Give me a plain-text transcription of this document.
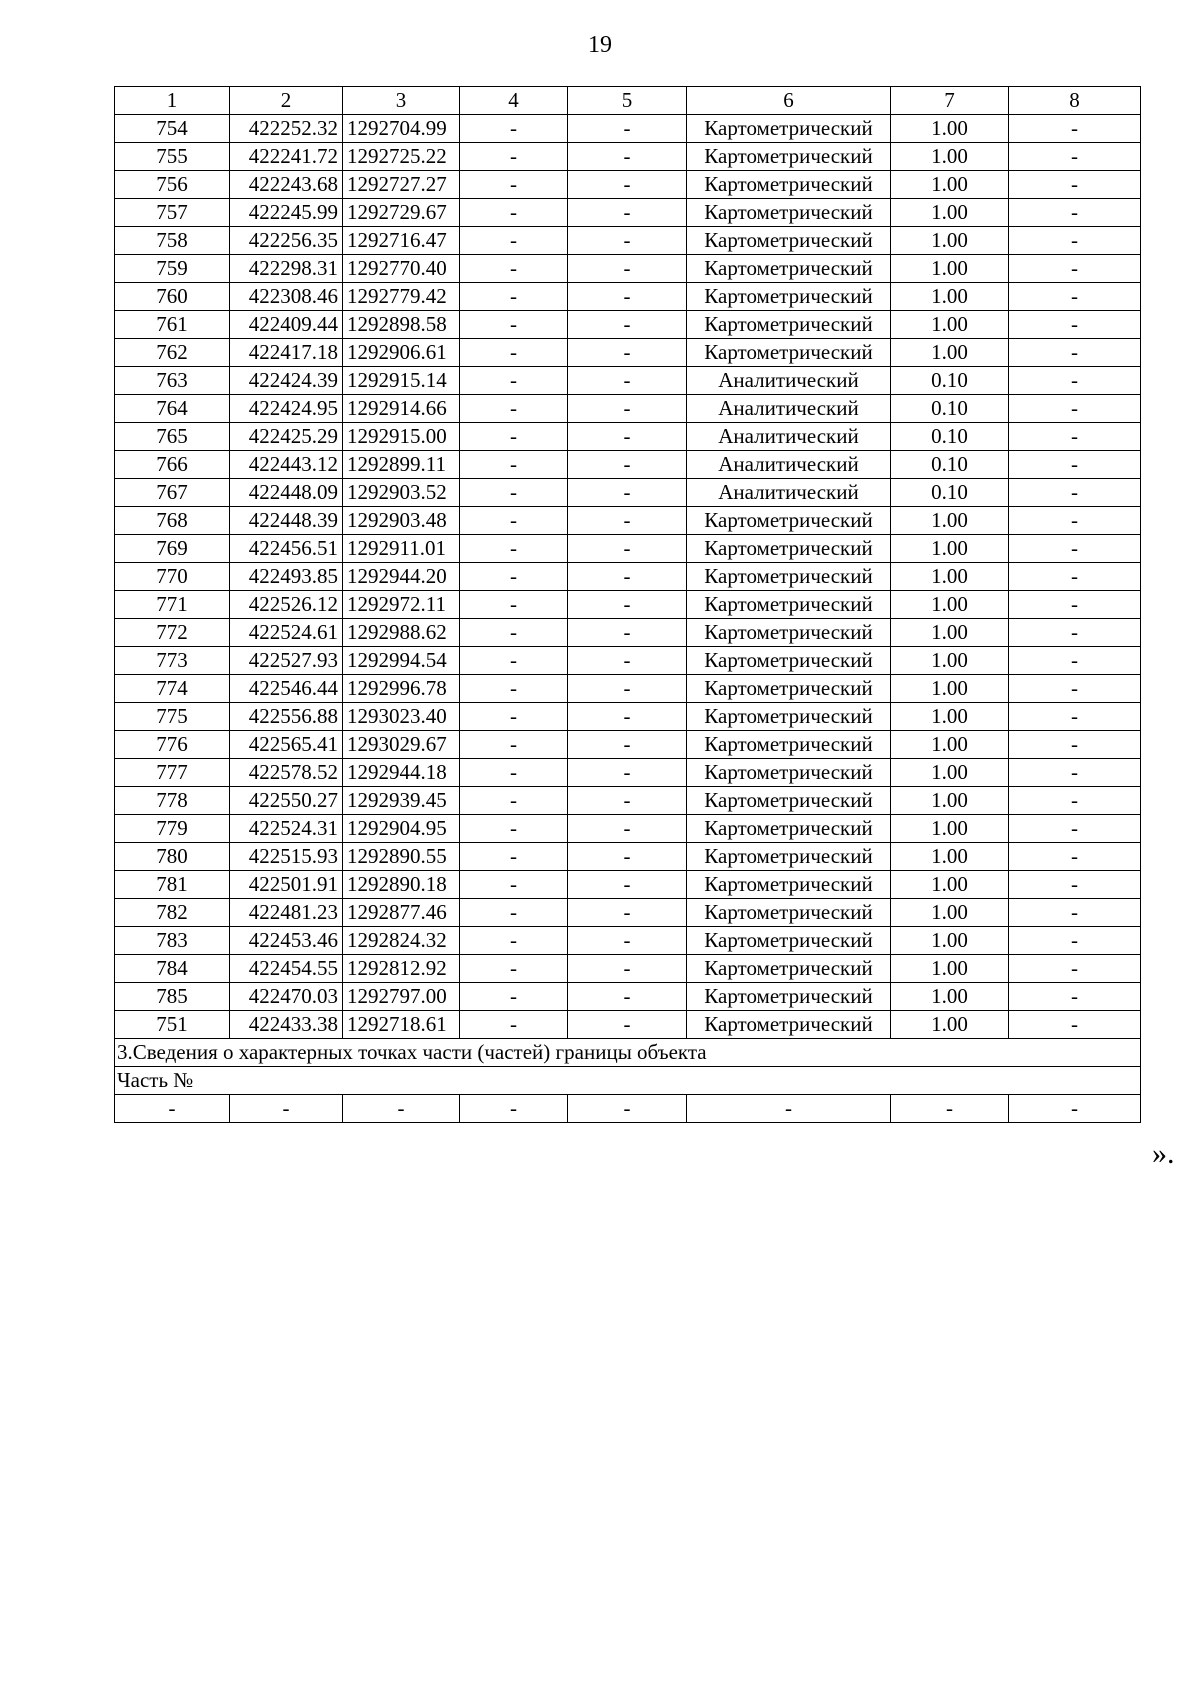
19
1	2	3	4	5	6	7	8
754	422252.32	1292704.99	-	-	Картометрический	1.00	-
755	422241.72	1292725.22	-	-	Картометрический	1.00	-
756	422243.68	1292727.27	-	-	Картометрический	1.00	-
757	422245.99	1292729.67	-	-	Картометрический	1.00	-
758	422256.35	1292716.47	-	-	Картометрический	1.00	-
759	422298.31	1292770.40	-	-	Картометрический	1.00	-
760	422308.46	1292779.42	-	-	Картометрический	1.00	-
761	422409.44	1292898.58	-	-	Картометрический	1.00	-
762	422417.18	1292906.61	-	-	Картометрический	1.00	-
763	422424.39	1292915.14	-	-	Аналитический	0.10	-
764	422424.95	1292914.66	-	-	Аналитический	0.10	-
765	422425.29	1292915.00	-	-	Аналитический	0.10	-
766	422443.12	1292899.11	-	-	Аналитический	0.10	-
767	422448.09	1292903.52	-	-	Аналитический	0.10	-
768	422448.39	1292903.48	-	-	Картометрический	1.00	-
769	422456.51	1292911.01	-	-	Картометрический	1.00	-
770	422493.85	1292944.20	-	-	Картометрический	1.00	-
771	422526.12	1292972.11	-	-	Картометрический	1.00	-
772	422524.61	1292988.62	-	-	Картометрический	1.00	-
773	422527.93	1292994.54	-	-	Картометрический	1.00	-
774	422546.44	1292996.78	-	-	Картометрический	1.00	-
775	422556.88	1293023.40	-	-	Картометрический	1.00	-
776	422565.41	1293029.67	-	-	Картометрический	1.00	-
777	422578.52	1292944.18	-	-	Картометрический	1.00	-
778	422550.27	1292939.45	-	-	Картометрический	1.00	-
779	422524.31	1292904.95	-	-	Картометрический	1.00	-
780	422515.93	1292890.55	-	-	Картометрический	1.00	-
781	422501.91	1292890.18	-	-	Картометрический	1.00	-
782	422481.23	1292877.46	-	-	Картометрический	1.00	-
783	422453.46	1292824.32	-	-	Картометрический	1.00	-
784	422454.55	1292812.92	-	-	Картометрический	1.00	-
785	422470.03	1292797.00	-	-	Картометрический	1.00	-
751	422433.38	1292718.61	-	-	Картометрический	1.00	-
3.Сведения о характерных точках части (частей) границы объекта							
Часть №							
-	-	-	-	-	-	-	-
».
